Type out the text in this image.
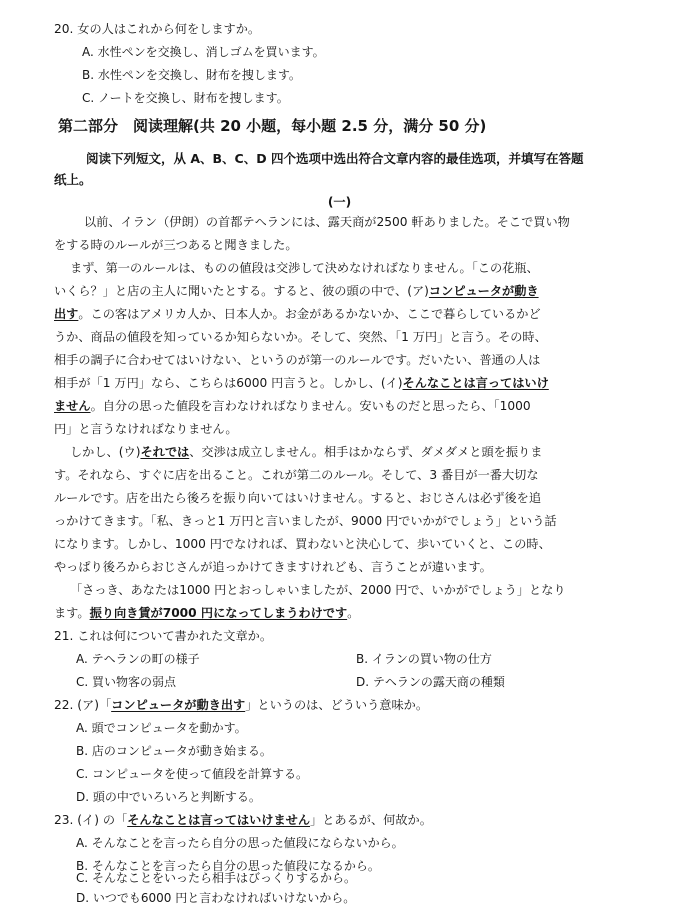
20. 女の人はこれから何をしますか。
A. 水性ペンを交換し、消しゴムを買います。
B. 水性ペンを交換し、財布を捜します。
C. ノートを交換し、財布を捜します。
第二部分　阅读理解(共 20 小题，每小题 2.5 分，满分 50 分)
阅读下列短文，从 A、B、C、D 四个选项中选出符合文章内容的最佳选项，并填写在答题
纸上。
(一)
以前、イラン（伊朗）の首都テヘランには、露天商が2500 軒ありました。そこで買い物
をする時のルールが三つあると聞きました。
まず、第一のルールは、ものの値段は交渉して決めなければなりません。「この花瓶、
いくら？」と店の主人に聞いたとする。すると、彼の頭の中で、(ア)コンピュータが動き
出す。この客はアメリカ人か、日本人か。お金があるかないか、ここで暮らしているかど
うか、商品の値段を知っているか知らないか。そして、突然、「1 万円」と言う。その時、
相手の調子に合わせてはいけない、というのが第一のルールです。だいたい、普通の人は
相手が「1 万円」なら、こちらは6000 円言うと。しかし、(イ)そんなことは言ってはいけ
ません。自分の思った値段を言わなければなりません。安いものだと思ったら、「1000
円」と言うなければなりません。
しかし、(ウ)それでは、交渉は成立しません。相手はかならず、ダメダメと頭を振りま
す。それなら、すぐに店を出ること。これが第二のルール。そして、3 番目が一番大切な
ルールです。店を出たら後ろを振り向いてはいけません。すると、おじさんは必ず後を追
っかけてきます。「私、きっと1 万円と言いましたが、9000 円でいかがでしょう」という話
になります。しかし、1000 円でなければ、買わないと決心して、歩いていくと、この時、
やっぱり後ろからおじさんが追っかけてきますけれども、言うことが違います。
「さっき、あなたは1000 円とおっしゃいましたが、2000 円で、いかがでしょう」となり
ます。振り向き賃が7000 円になってしまうわけです。
21. これは何について書かれた文章か。
A. テヘランの町の様子	B. イランの買い物の仕方
C. 買い物客の弱点	D. テヘランの露天商の種類
22. (ア)「コンピュータが動き出す」というのは、どういう意味か。
A. 頭でコンピュータを動かす。
B. 店のコンピュータが動き始まる。
C. コンピュータを使って値段を計算する。
D. 頭の中でいろいろと判断する。
23. (イ) の「そんなことは言ってはいけません」とあるが、何故か。
A. そんなことを言ったら自分の思った値段にならないから。
B. そんなことを言ったら自分の思った値段になるから。
C. そんなことをいったら相手はびっくりするから。
D. いつでも6000 円と言わなければいけないから。
